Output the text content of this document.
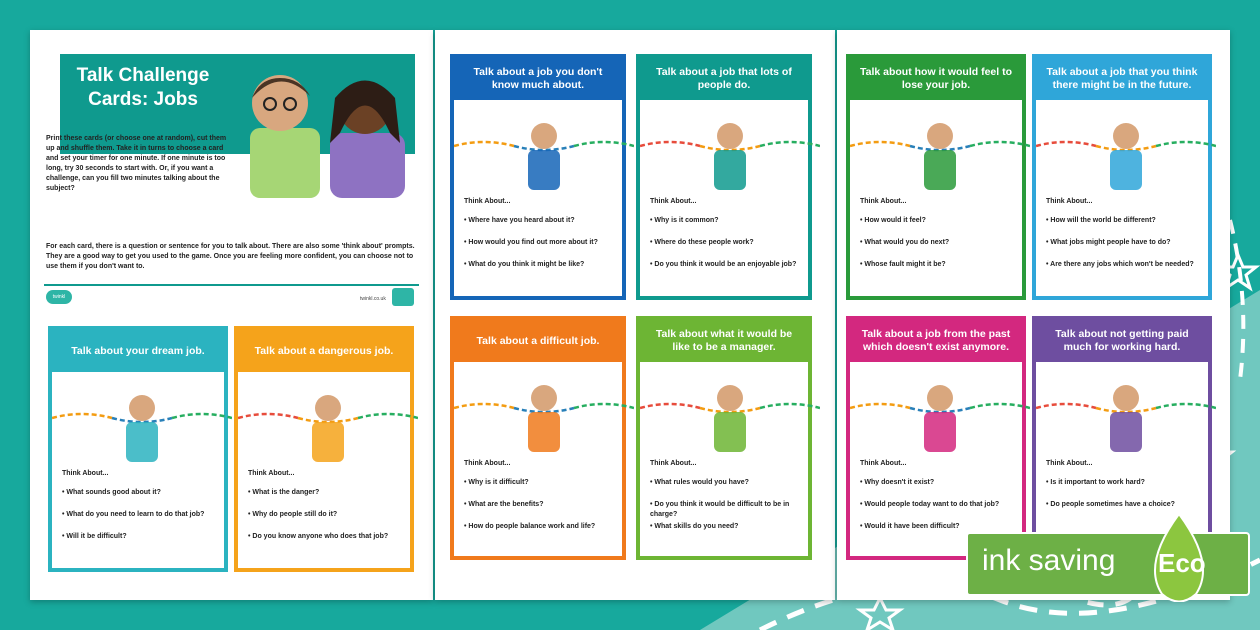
Talk Challenge Cards: Jobs
Print these cards (or choose one at random), cut them up and shuffle them. Take it in turns to choose a card and set your timer for one minute. If one minute is too long, try 30 seconds to start with. Or, if you want a challenge, can you fill two minutes talking about the subject?
For each card, there is a question or sentence for you to talk about. There are also some 'think about' prompts. They are a good way to get you used to the game. Once you are feeling more confident, you can choose not to use them if you don't want to.
twinkl	twinkl.co.uk
Talk about your dream job.
Think About...
• What sounds good about it?
• What do you need to learn to do that job?
• Will it be difficult?
Talk about a dangerous job.
Think About...
• What is the danger?
• Why do people still do it?
• Do you know anyone who does that job?
Talk about a job you don't know much about.
Think About...
• Where have you heard about it?
• How would you find out more about it?
• What do you think it might be like?
Talk about a job that lots of people do.
Think About...
• Why is it common?
• Where do these people work?
• Do you think it would be an enjoyable job?
Talk about a difficult job.
Think About...
• Why is it difficult?
• What are the benefits?
• How do people balance work and life?
Talk about what it would be like to be a manager.
Think About...
• What rules would you have?
• Do you think it would be difficult to be in charge?
• What skills do you need?
Talk about how it would feel to lose your job.
Think About...
• How would it feel?
• What would you do next?
• Whose fault might it be?
Talk about a job that you think there might be in the future.
Think About...
• How will the world be different?
• What jobs might people have to do?
• Are there any jobs which won't be needed?
Talk about a job from the past which doesn't exist anymore.
Think About...
• Why doesn't it exist?
• Would people today want to do that job?
• Would it have been difficult?
Talk about not getting paid much for working hard.
Think About...
• Is it important to work hard?
• Do people sometimes have a choice?
ink saving Eco
